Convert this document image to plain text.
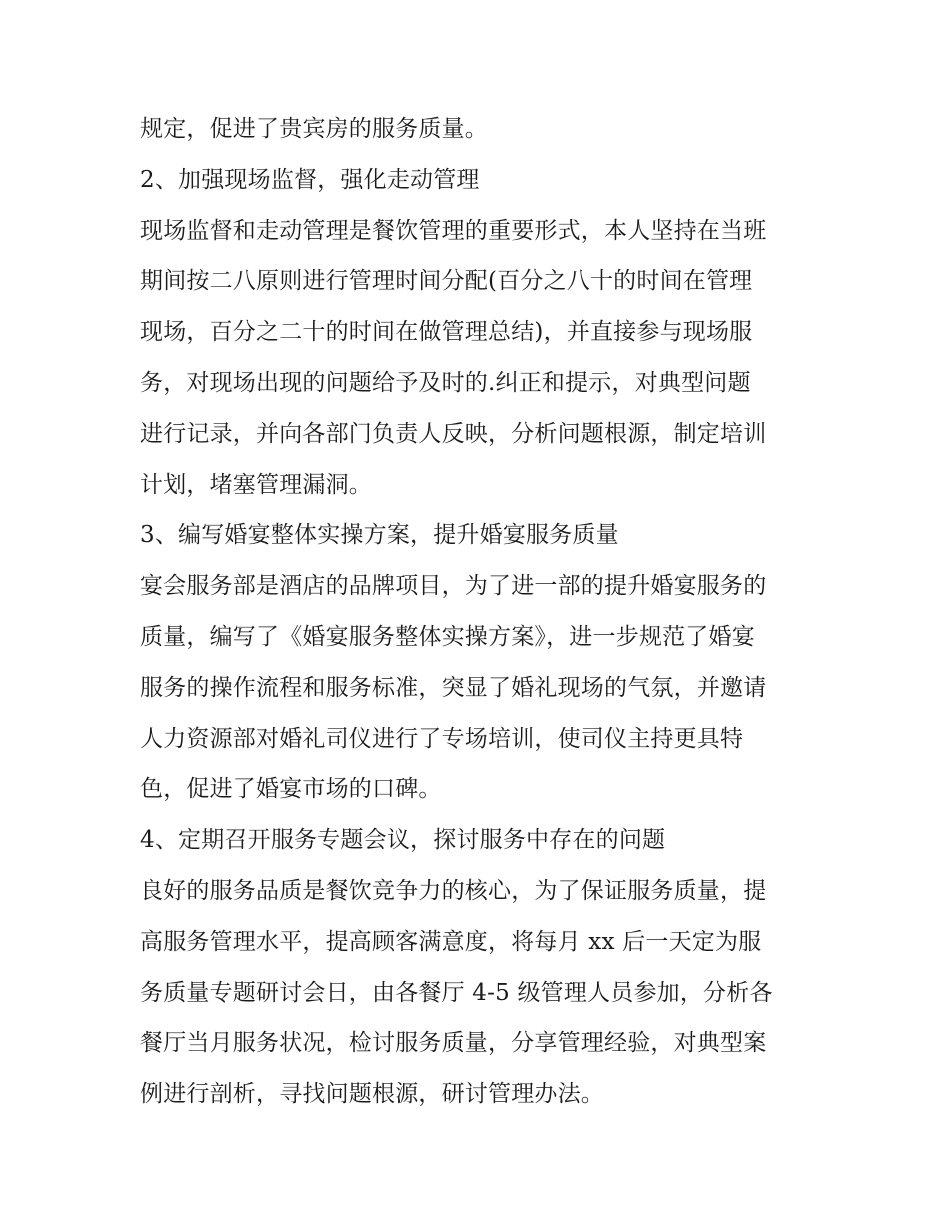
规定，促进了贵宾房的服务质量。
2、加强现场监督，强化走动管理
现场监督和走动管理是餐饮管理的重要形式，本人坚持在当班
期间按二八原则进行管理时间分配(百分之八十的时间在管理
现场，百分之二十的时间在做管理总结)，并直接参与现场服
务，对现场出现的问题给予及时的.纠正和提示，对典型问题
进行记录，并向各部门负责人反映，分析问题根源，制定培训
计划，堵塞管理漏洞。
3、编写婚宴整体实操方案，提升婚宴服务质量
宴会服务部是酒店的品牌项目，为了进一部的提升婚宴服务的
质量，编写了《婚宴服务整体实操方案》，进一步规范了婚宴
服务的操作流程和服务标准，突显了婚礼现场的气氛，并邀请
人力资源部对婚礼司仪进行了专场培训，使司仪主持更具特
色，促进了婚宴市场的口碑。
4、定期召开服务专题会议，探讨服务中存在的问题
良好的服务品质是餐饮竞争力的核心，为了保证服务质量，提
高服务管理水平，提高顾客满意度，将每月 xx 后一天定为服
务质量专题研讨会日，由各餐厅 4-5 级管理人员参加，分析各
餐厅当月服务状况，检讨服务质量，分享管理经验，对典型案
例进行剖析，寻找问题根源，研讨管理办法。
